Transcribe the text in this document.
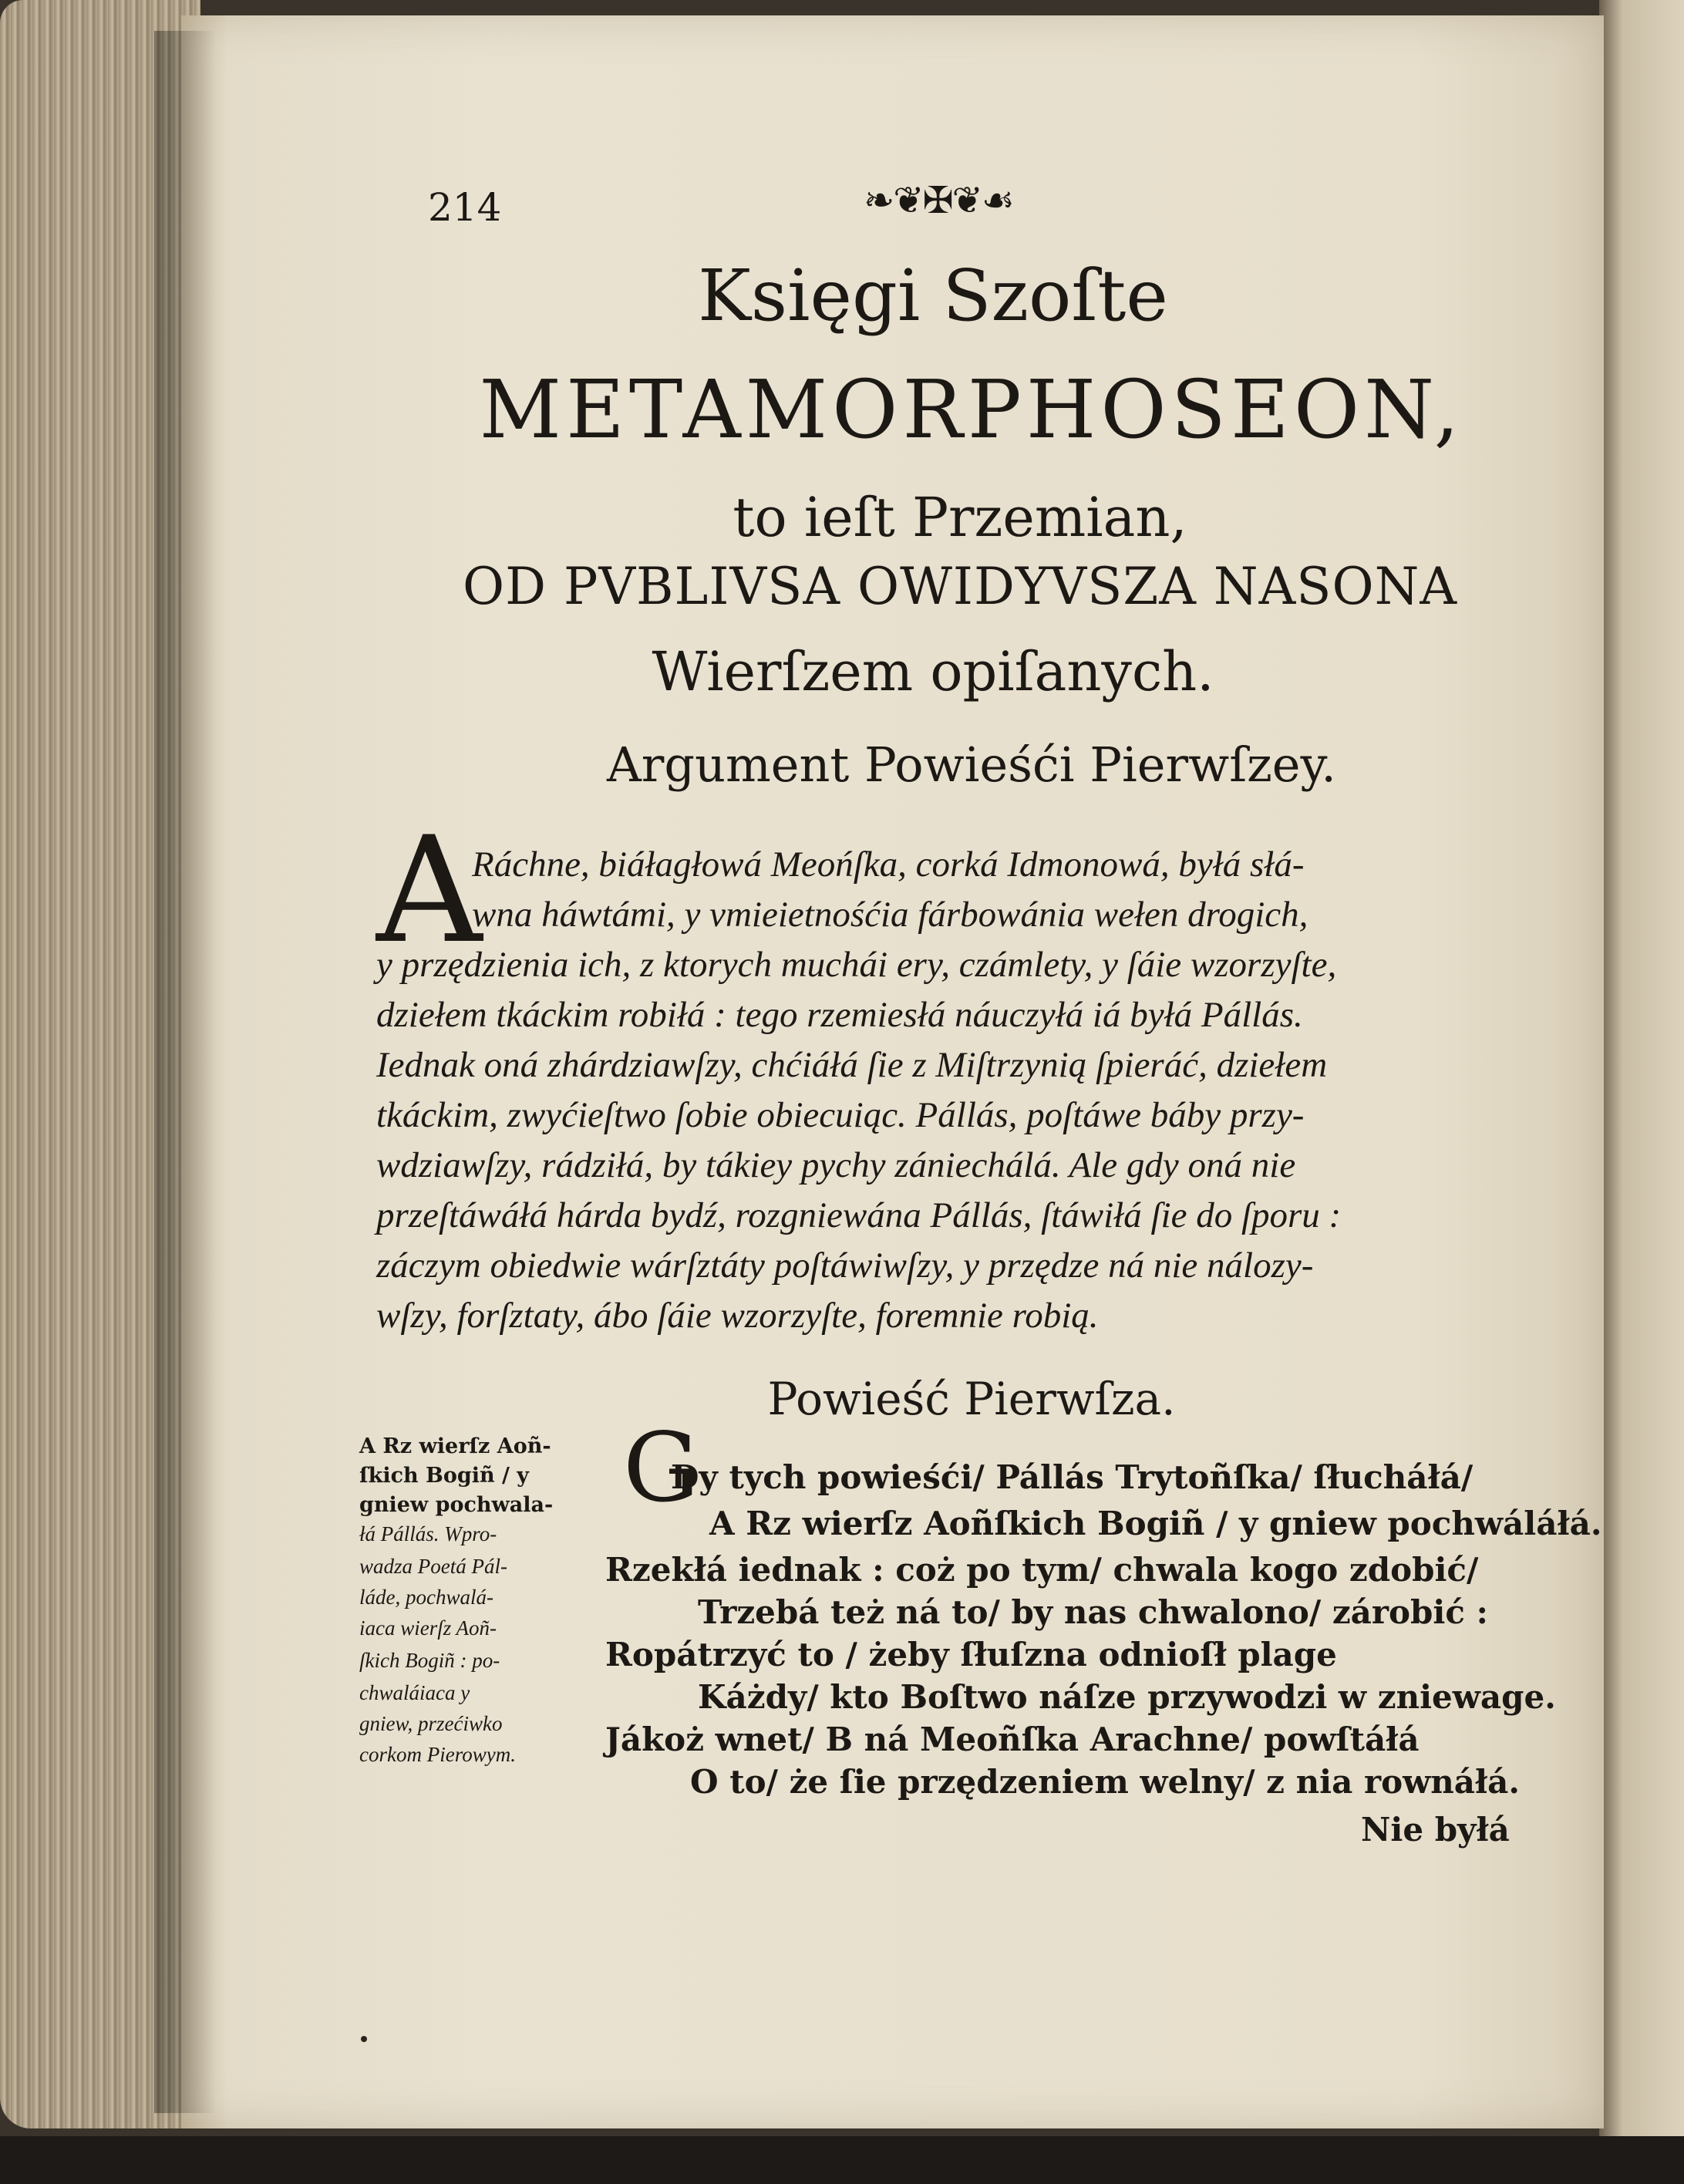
214	❧❦✠❦☙
Księgi Szoſte
METAMORPHOSEON,
to ieſt Przemian,
OD PVBLIVSA OWIDYVSZA NASONA
Wierſzem opiſanych.
Argument Powieśći Pierwſzey.
A
Ráchne, biáłagłowá Meońſka, corká Idmonowá, byłá słá-
wna háwtámi, y vmieietnośćia fárbowánia wełen drogich,
y przędzienia ich, z ktorych muchái ery, czámlety, y ſáie wzorzyſte,
dziełem tkáckim robiłá : tego rzemiesłá náuczyłá iá byłá Pállás.
Iednak oná zhárdziawſzy, chćiáłá ſie z Miſtrzynią ſpieráć, dziełem
tkáckim, zwyćieſtwo ſobie obiecuiąc. Pállás, poſtáwe báby przy-
wdziawſzy, rádziłá, by tákiey pychy zániechálá. Ale gdy oná nie
przeſtáwáłá hárda bydź, rozgniewána Pállás, ſtáwiłá ſie do ſporu :
záczym obiedwie wárſztáty poſtáwiwſzy, y przędze ná nie nálozy-
wſzy, forſztaty, ábo ſáie wzorzyſte, foremnie robią.
Powieść Pierwſza.
A Rz wierſz Aoñ-
ſkich Bogiñ / y
gniew pochwala-
łá Pállás. Wpro-
wadza Poetá Pál-
láde, pochwalá-
iaca wierſz Aoñ-
ſkich Bogiñ : po-
chwaláiaca y
gniew, przećiwko
corkom Pierowym.
G
Dy tych powieśći/ Pállás Trytoñſka/ ſłucháłá/
A Rz wierſz Aoñſkich Bogiñ / y gniew pochwáláłá.
Rzekłá iednak : coż po tym/ chwala kogo zdobić/
Trzebá też ná to/ by nas chwalono/ zárobić :
Ropátrzyć to / żeby ſłuſzna odnioſł plage
Káżdy/ kto Boſtwo náſze przywodzi w zniewage.
Jákoż wnet/ B ná Meoñſka Arachne/ powſtáłá
O to/ że ſie przędzeniem welny/ z nia rownáłá.
Nie byłá
